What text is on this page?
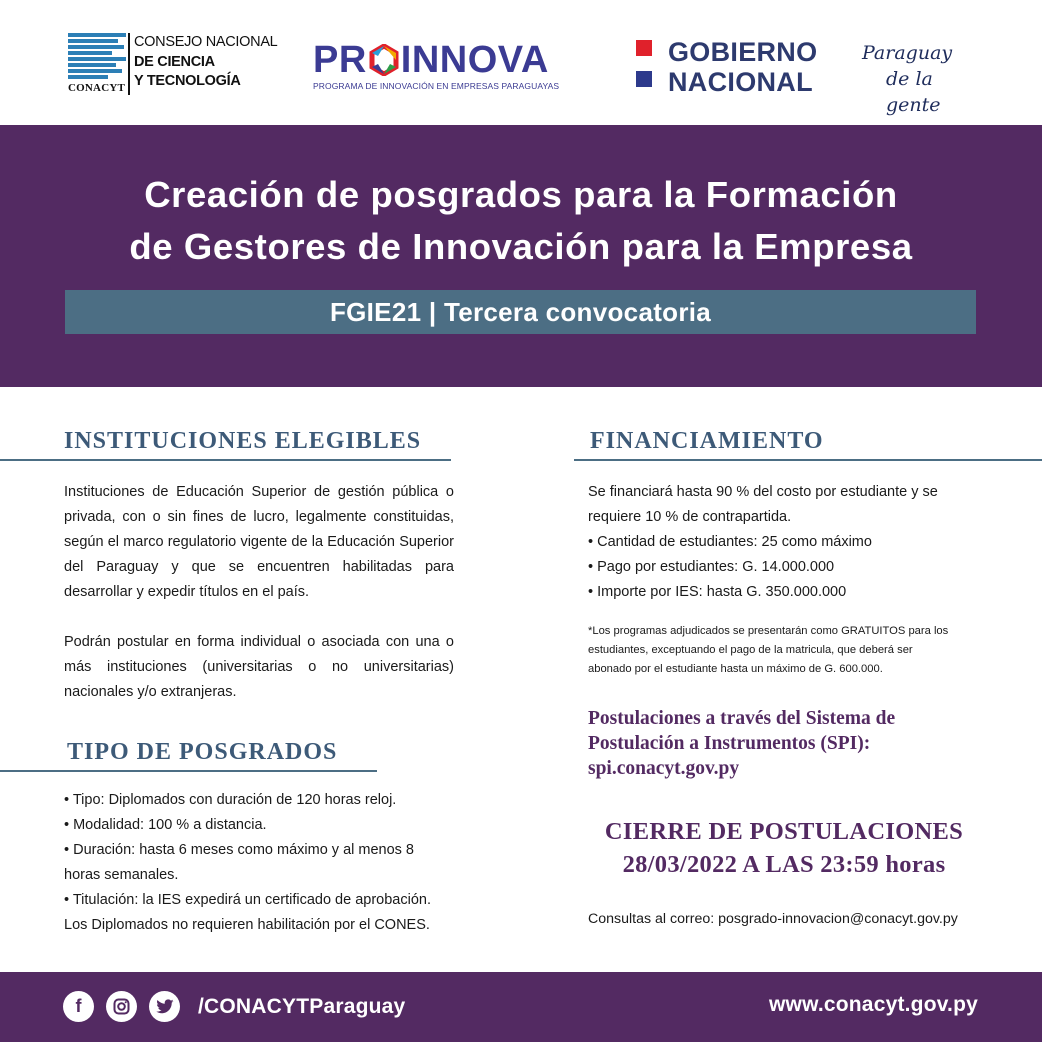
CONACYT
CONSEJO NACIONAL
DE CIENCIA
Y TECNOLOGÍA	PR INNOVA
PROGRAMA DE INNOVACIÓN EN EMPRESAS PARAGUAYAS
GOBIERNO
NACIONAL
Paraguay
de la gente
Creación de posgrados para la Formación
de Gestores de Innovación para la Empresa
FGIE21 | Tercera convocatoria
INSTITUCIONES ELEGIBLES
Instituciones de Educación Superior de gestión pública o privada, con o sin fines de lucro, legalmente constituidas, según el marco regulatorio vigente de la Educación Superior del Paraguay y que se encuentren habilitadas para desarrollar y expedir títulos en el país.
Podrán postular en forma individual o asociada con una o más instituciones (universitarias o no universitarias) nacionales y/o extranjeras.
TIPO DE POSGRADOS
• Tipo: Diplomados con duración de 120 horas reloj.
• Modalidad: 100 % a distancia.
• Duración: hasta 6 meses como máximo y al menos 8
horas semanales.
• Titulación: la IES expedirá un certificado de aprobación.
Los Diplomados no requieren habilitación por el CONES.
FINANCIAMIENTO
Se financiará hasta 90 % del costo por estudiante y se
requiere 10 % de contrapartida.
• Cantidad de estudiantes: 25 como máximo
• Pago por estudiantes: G. 14.000.000
• Importe por IES: hasta G. 350.000.000
*Los programas adjudicados se presentarán como GRATUITOS para los
estudiantes, exceptuando el pago de la matricula, que deberá ser
abonado por el estudiante hasta un máximo de G. 600.000.
Postulaciones a través del Sistema de
Postulación a Instrumentos (SPI):
spi.conacyt.gov.py
CIERRE DE POSTULACIONES
28/03/2022 A LAS 23:59 horas
Consultas al correo: posgrado-innovacion@conacyt.gov.py
f	/CONACYTParaguay	www.conacyt.gov.py
